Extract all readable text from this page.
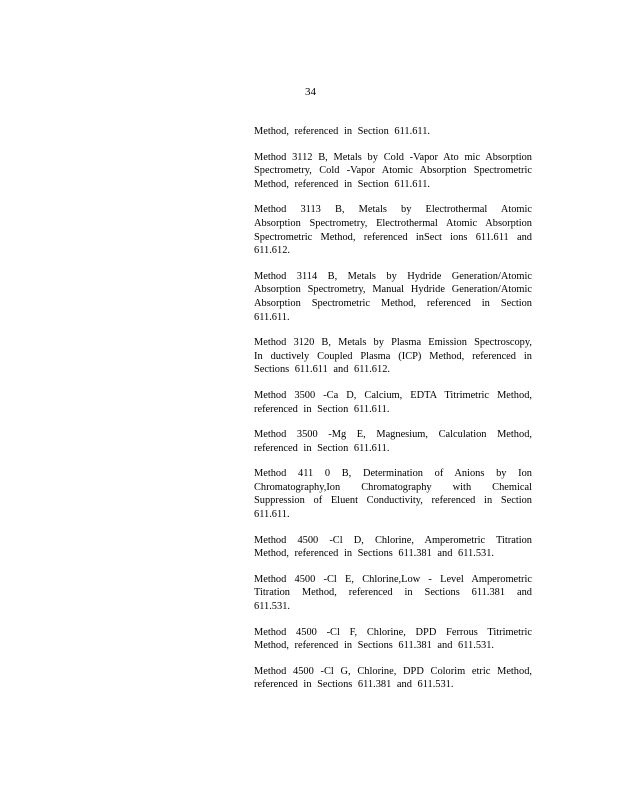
34

Method, referenced in Section 611.611.

Method 3112 B, Metals by Cold -Vapor Ato mic Absorption Spectrometry, Cold -Vapor Atomic Absorption Spectrometric Method, referenced in Section 611.611.

Method 3113 B, Metals by Electrothermal Atomic Absorption Spectrometry, Electrothermal Atomic Absorption Spectrometric Method, referenced inSect ions 611.611 and 611.612.

Method 3114 B, Metals by Hydride Generation/Atomic Absorption Spectrometry, Manual Hydride Generation/Atomic Absorption Spectrometric Method, referenced in Section 611.611.

Method 3120 B, Metals by Plasma Emission Spectroscopy, In ductively Coupled Plasma (ICP) Method, referenced in Sections 611.611 and 611.612.

Method 3500 -Ca D, Calcium, EDTA Titrimetric Method, referenced in Section 611.611.

Method 3500 -Mg E, Magnesium, Calculation Method, referenced in Section 611.611.

Method 411 0 B, Determination of Anions by Ion Chromatography,Ion Chromatography with Chemical Suppression of Eluent Conductivity, referenced in Section 611.611.

Method 4500 -Cl D, Chlorine, Amperometric Titration Method, referenced in Sections 611.381 and 611.531.

Method 4500 -Cl E, Chlorine,Low - Level Amperometric Titration Method, referenced in Sections 611.381 and 611.531.

Method 4500 -Cl F, Chlorine, DPD Ferrous Titrimetric Method, referenced in Sections 611.381 and 611.531.

Method 4500 -Cl G, Chlorine, DPD Colorim etric Method, referenced in Sections 611.381 and 611.531.
